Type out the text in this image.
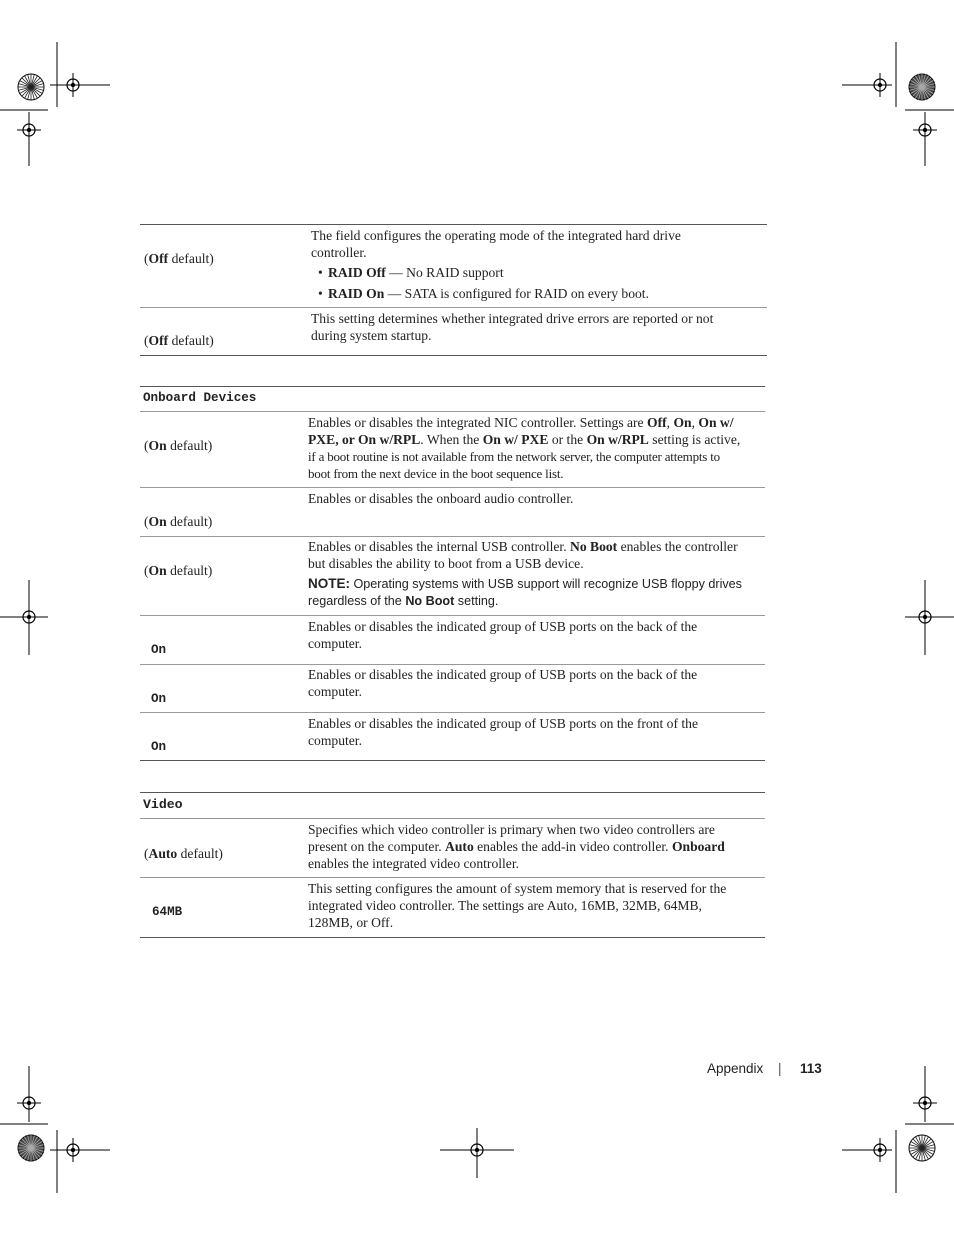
(Off default)
The field configures the operating mode of the integrated hard drive
controller.
• RAID Off — No RAID support
• RAID On — SATA is configured for RAID on every boot.
(Off default)
This setting determines whether integrated drive errors are reported or not
during system startup.
Onboard Devices
(On default)
Enables or disables the integrated NIC controller. Settings are Off, On, On w/
PXE, or On w/RPL. When the On w/ PXE or the On w/RPL setting is active,
if a boot routine is not available from the network server, the computer attempts to
boot from the next device in the boot sequence list.
(On default)
Enables or disables the onboard audio controller.
(On default)
Enables or disables the internal USB controller. No Boot enables the controller
but disables the ability to boot from a USB device.
NOTE: Operating systems with USB support will recognize USB floppy drives
regardless of the No Boot setting.
On
Enables or disables the indicated group of USB ports on the back of the
computer.
On
Enables or disables the indicated group of USB ports on the back of the
computer.
On
Enables or disables the indicated group of USB ports on the front of the
computer.
Video
(Auto default)
Specifies which video controller is primary when two video controllers are
present on the computer. Auto enables the add-in video controller. Onboard
enables the integrated video controller.
64MB
This setting configures the amount of system memory that is reserved for the
integrated video controller. The settings are Auto, 16MB, 32MB, 64MB,
128MB, or Off.
Appendix | 113
